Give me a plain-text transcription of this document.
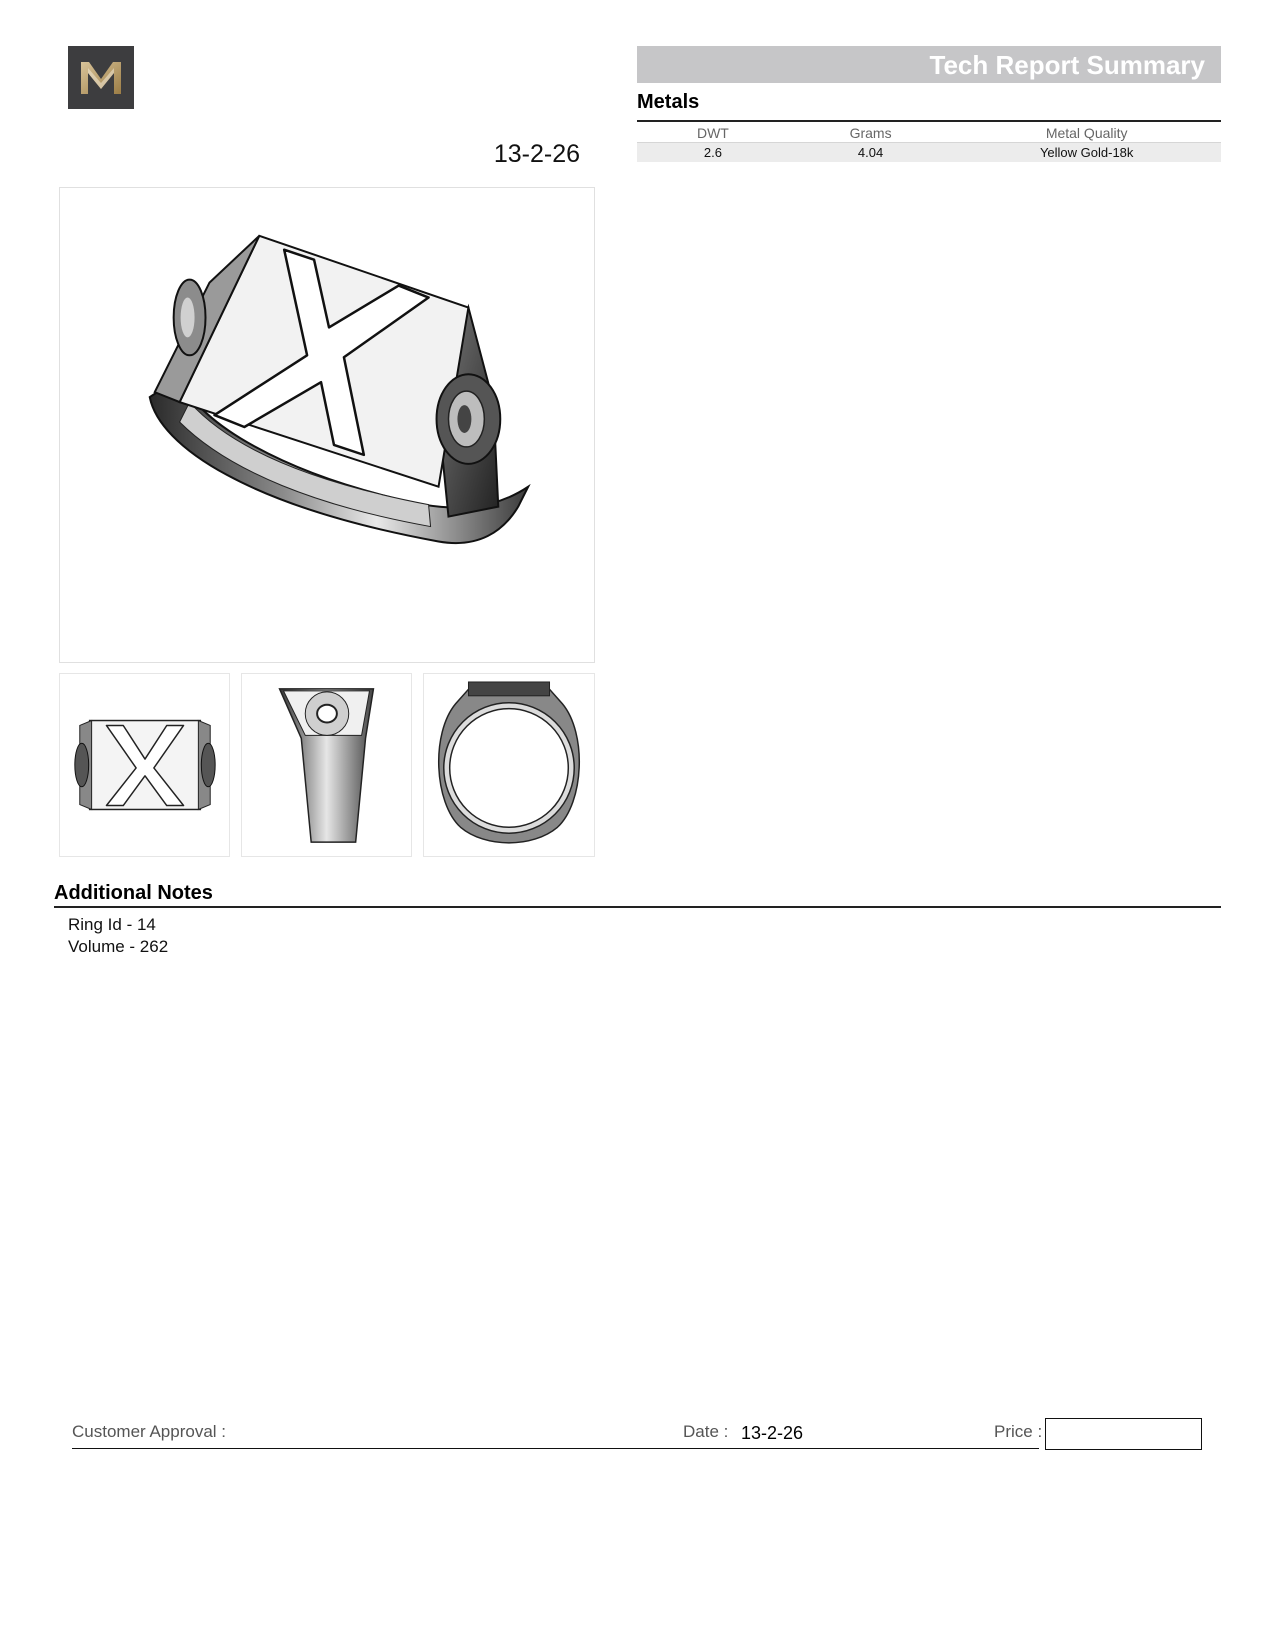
13-2-26
Tech Report Summary
Metals
DWT	Grams	Metal Quality
2.6	4.04	Yellow Gold-18k
Additional Notes
Ring Id - 14
Volume - 262
Customer Approval :	Date : 13-2-26	Price :
